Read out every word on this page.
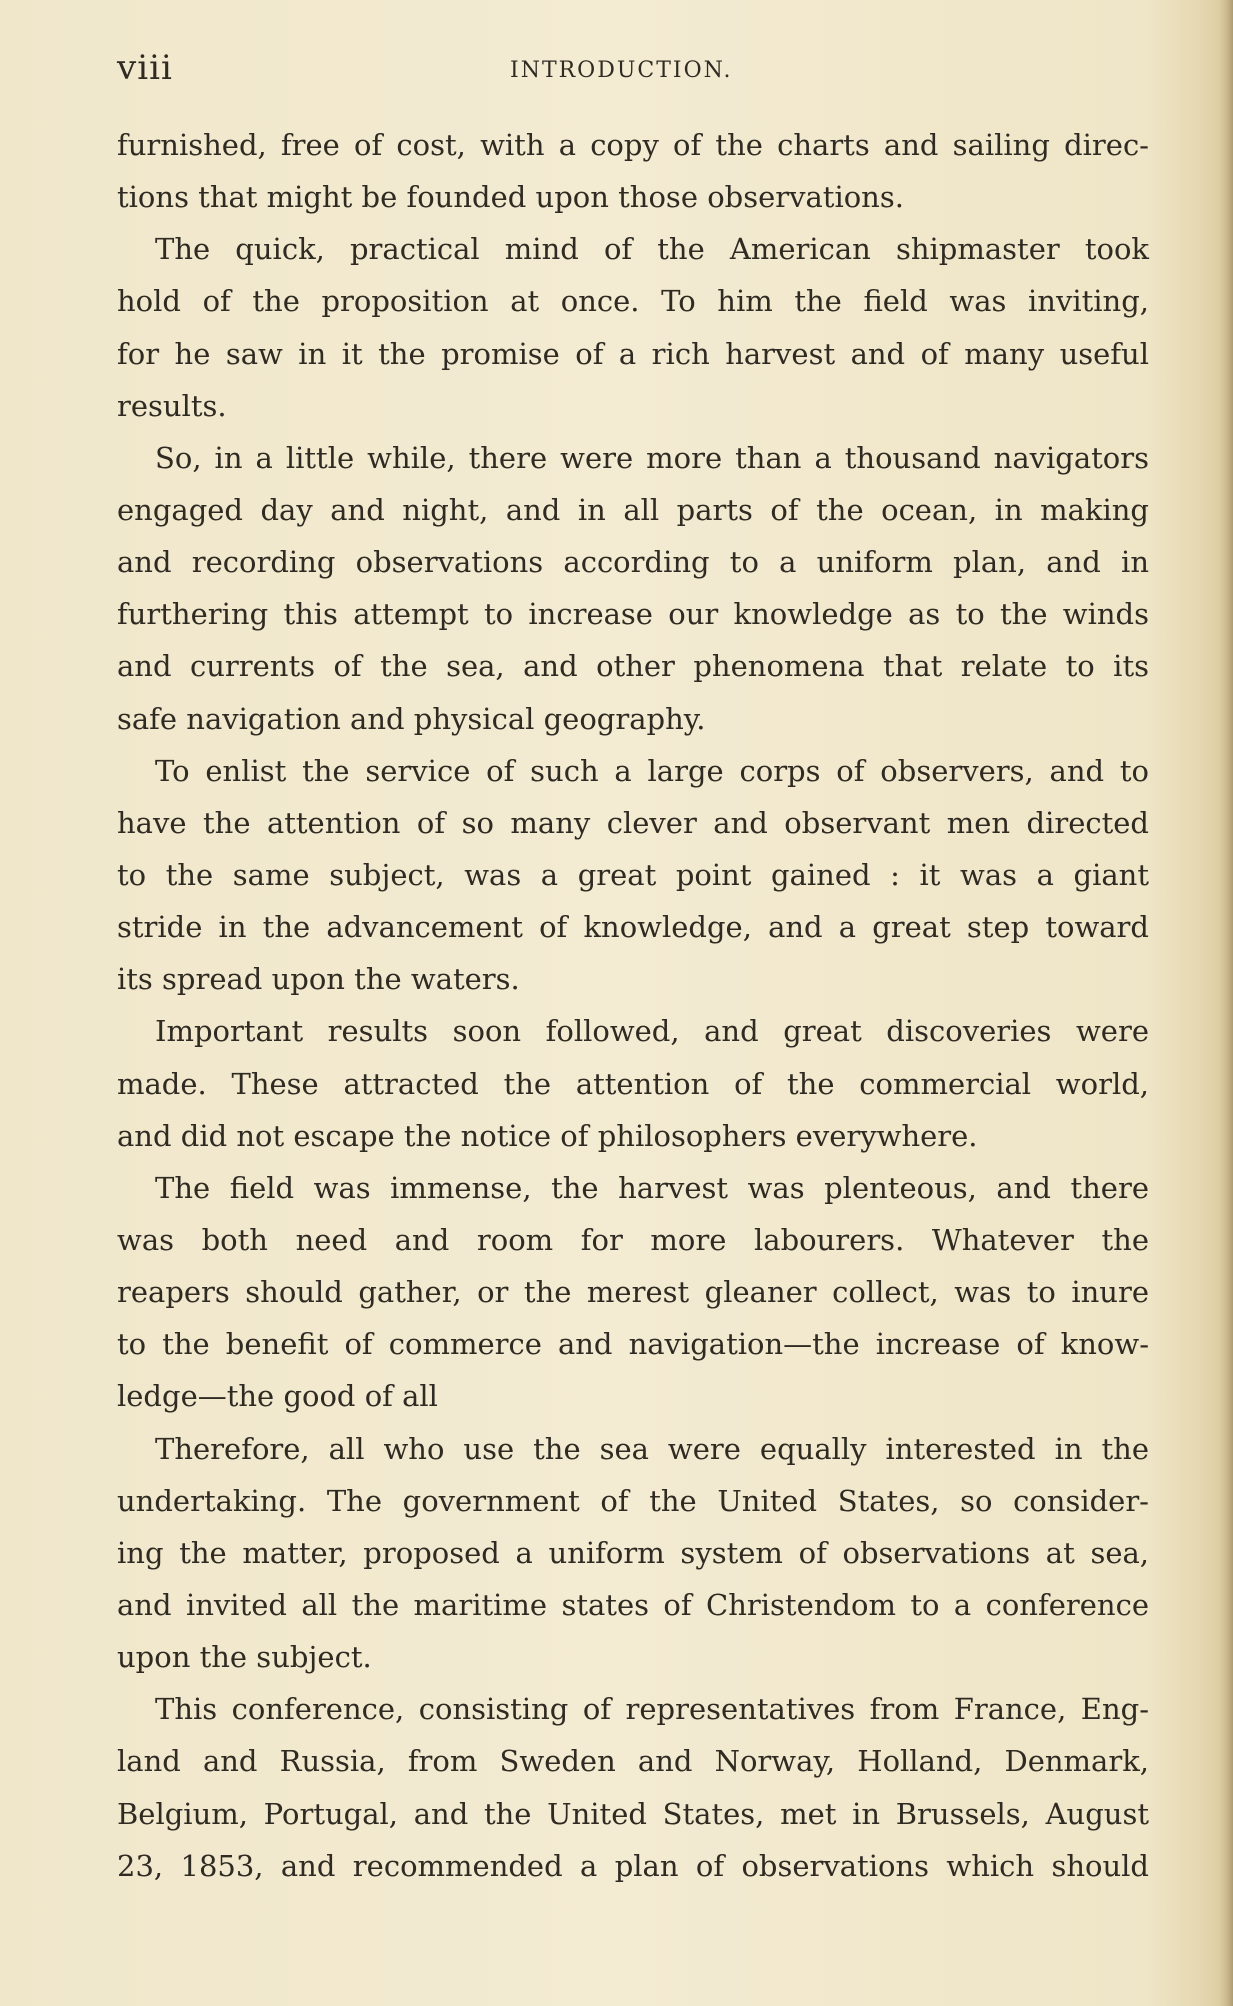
viii	INTRODUCTION.
furnished, free of cost, with a copy of the charts and sailing direc-
tions that might be founded upon those observations.
The quick, practical mind of the American shipmaster took
hold of the proposition at once. To him the field was inviting,
for he saw in it the promise of a rich harvest and of many useful
results.
So, in a little while, there were more than a thousand navigators
engaged day and night, and in all parts of the ocean, in making
and recording observations according to a uniform plan, and in
furthering this attempt to increase our knowledge as to the winds
and currents of the sea, and other phenomena that relate to its
safe navigation and physical geography.
To enlist the service of such a large corps of observers, and to
have the attention of so many clever and observant men directed
to the same subject, was a great point gained : it was a giant
stride in the advancement of knowledge, and a great step toward
its spread upon the waters.
Important results soon followed, and great discoveries were
made. These attracted the attention of the commercial world,
and did not escape the notice of philosophers everywhere.
The field was immense, the harvest was plenteous, and there
was both need and room for more labourers. Whatever the
reapers should gather, or the merest gleaner collect, was to inure
to the benefit of commerce and navigation—the increase of know-
ledge—the good of all
Therefore, all who use the sea were equally interested in the
undertaking. The government of the United States, so consider-
ing the matter, proposed a uniform system of observations at sea,
and invited all the maritime states of Christendom to a conference
upon the subject.
This conference, consisting of representatives from France, Eng-
land and Russia, from Sweden and Norway, Holland, Denmark,
Belgium, Portugal, and the United States, met in Brussels, August
23, 1853, and recommended a plan of observations which should
